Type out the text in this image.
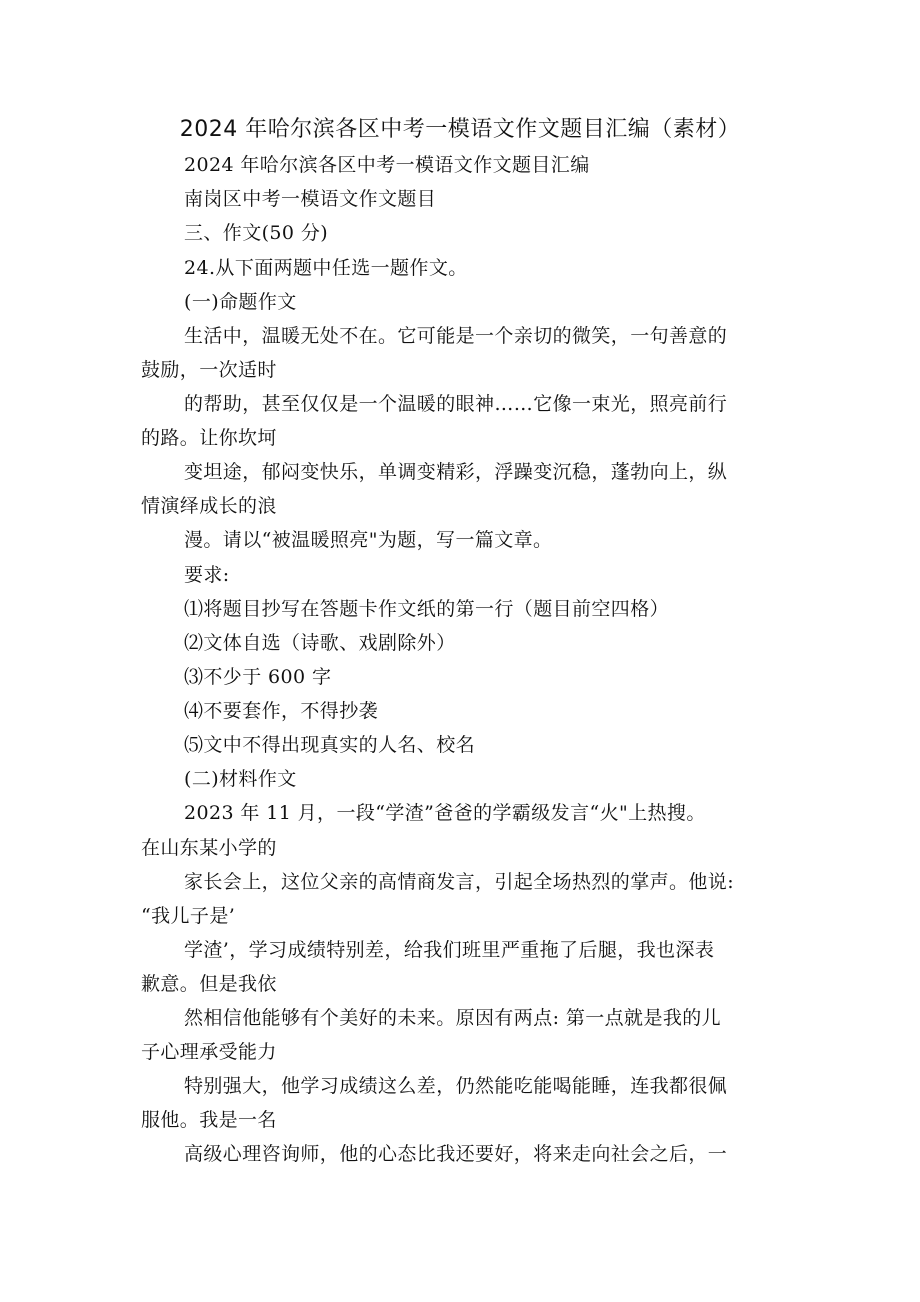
2024 年哈尔滨各区中考一模语文作文题目汇编（素材）
2024 年哈尔滨各区中考一模语文作文题目汇编
南岗区中考一模语文作文题目
三、作文(50 分)
24.从下面两题中任选一题作文。
(一)命题作文
生活中，温暖无处不在。它可能是一个亲切的微笑，一句善意的
鼓励，一次适时
的帮助，甚至仅仅是一个温暖的眼神……它像一束光，照亮前行
的路。让你坎坷
变坦途，郁闷变快乐，单调变精彩，浮躁变沉稳，蓬勃向上，纵
情演绎成长的浪
漫。请以“被温暖照亮"为题，写一篇文章。
要求:
⑴将题目抄写在答题卡作文纸的第一行（题目前空四格）
⑵文体自选（诗歌、戏剧除外）
⑶不少于 600 字
⑷不要套作，不得抄袭
⑸文中不得出现真实的人名、校名
(二)材料作文
2023 年 11 月，一段“学渣”爸爸的学霸级发言“火"上热搜。
在山东某小学的
家长会上，这位父亲的高情商发言，引起全场热烈的掌声。他说:
“我儿子是’
学渣’，学习成绩特别差，给我们班里严重拖了后腿，我也深表
歉意。但是我依
然相信他能够有个美好的未来。原因有两点: 第一点就是我的儿
子心理承受能力
特别强大，他学习成绩这么差，仍然能吃能喝能睡，连我都很佩
服他。我是一名
高级心理咨询师，他的心态比我还要好，将来走向社会之后，一
